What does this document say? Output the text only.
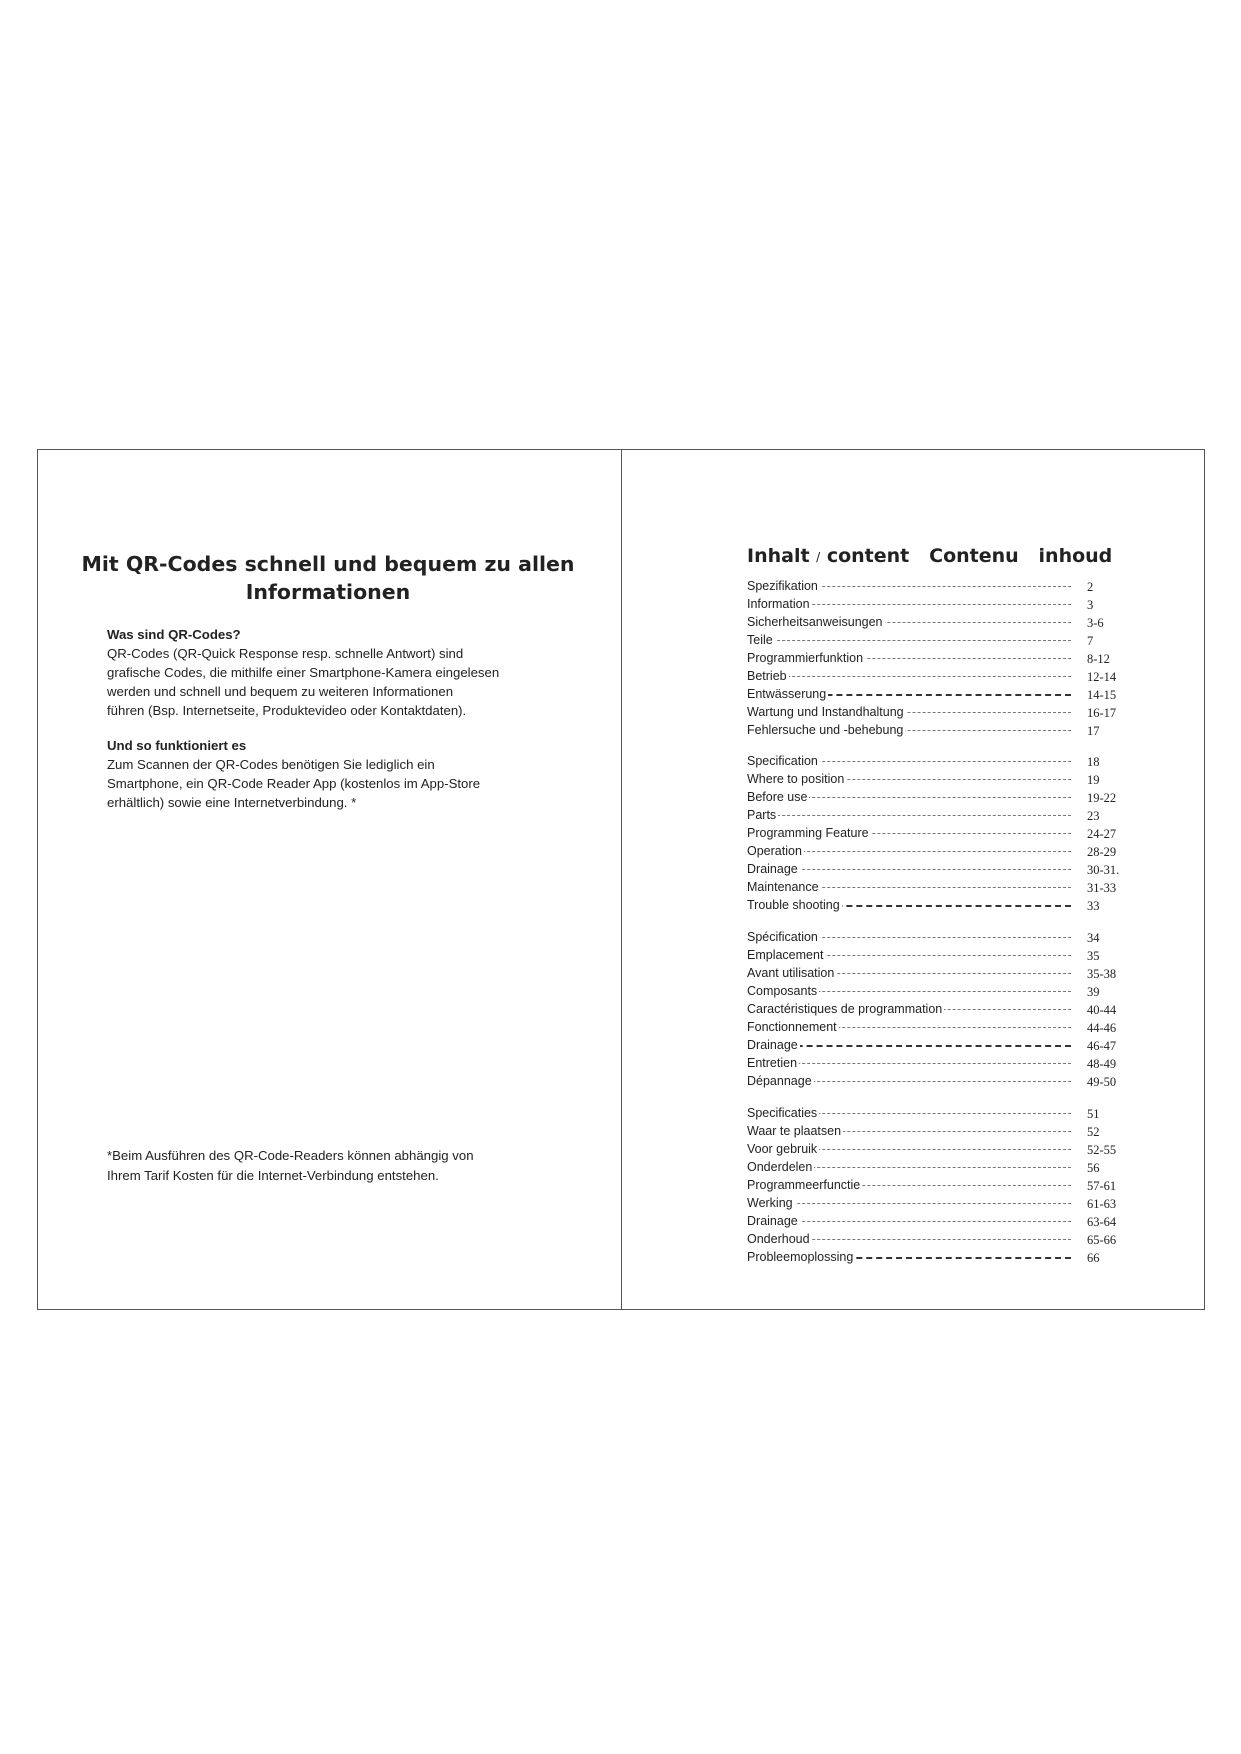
Mit QR-Codes schnell und bequem zu allen
Informationen
Was sind QR-Codes?
QR-Codes (QR-Quick Response resp. schnelle Antwort) sind
grafische Codes, die mithilfe einer Smartphone-Kamera eingelesen
werden und schnell und bequem zu weiteren Informationen
führen (Bsp. Internetseite, Produktevideo oder Kontaktdaten).
Und so funktioniert es
Zum Scannen der QR-Codes benötigen Sie lediglich ein
Smartphone, ein QR-Code Reader App (kostenlos im App-Store
erhältlich) sowie eine Internetverbindung. *
*Beim Ausführen des QR-Code-Readers können abhängig von
Ihrem Tarif Kosten für die Internet-Verbindung entstehen.
Inhalt / content Contenu inhoud
Spezifikation	2
Information	3
Sicherheitsanweisungen	3-6
Teile	7
Programmierfunktion	8-12
Betrieb	12-14
Entwässerung	14-15
Wartung und Instandhaltung	16-17
Fehlersuche und -behebung	17
Specification	18
Where to position	19
Before use	19-22
Parts	23
Programming Feature	24-27
Operation	28-29
Drainage	30-31.
Maintenance	31-33
Trouble shooting	33
Spécification	34
Emplacement	35
Avant utilisation	35-38
Composants	39
Caractéristiques de programmation	40-44
Fonctionnement	44-46
Drainage	46-47
Entretien	48-49
Dépannage	49-50
Specificaties	51
Waar te plaatsen	52
Voor gebruik	52-55
Onderdelen	56
Programmeerfunctie	57-61
Werking	61-63
Drainage	63-64
Onderhoud	65-66
Probleemoplossing	66
